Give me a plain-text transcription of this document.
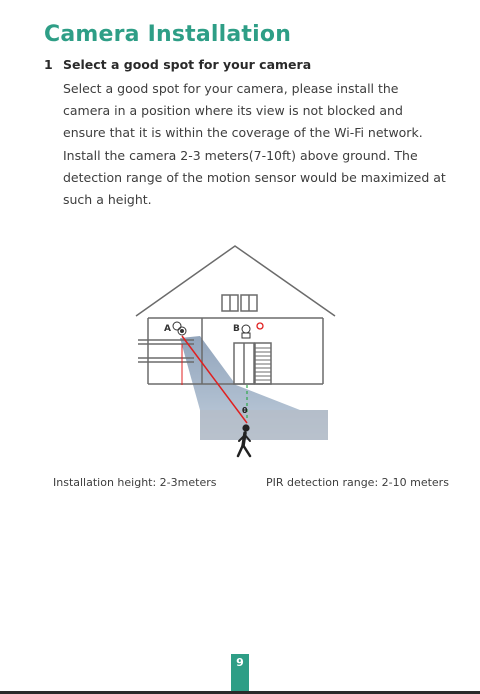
Camera Installation
1 Select a good spot for your camera
Select a good spot for your camera, please install the
camera in a position where its view is not blocked and
ensure that it is within the coverage of the Wi-Fi network.
Install the camera 2-3 meters(7-10ft) above ground. The
detection range of the motion sensor would be maximized at
such a height.
A	B
θ
Installation height: 2-3meters	PIR detection range: 2-10 meters
9
